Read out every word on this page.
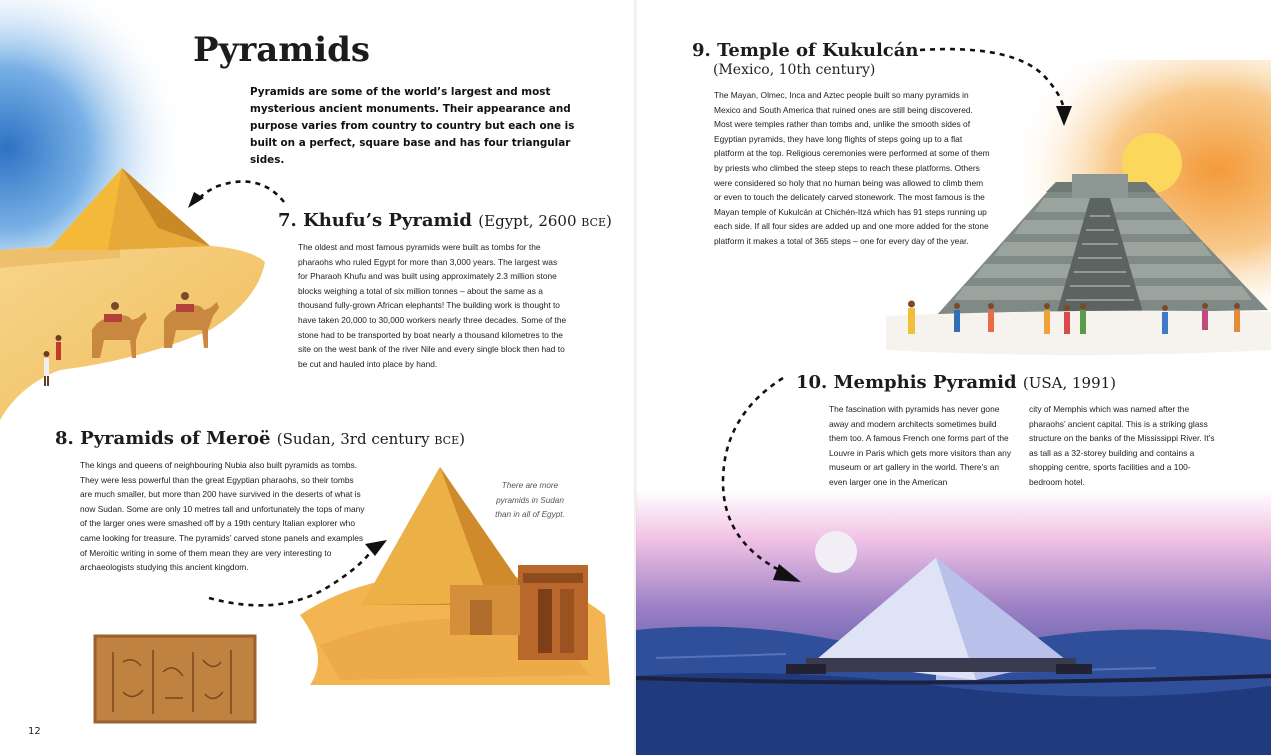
Pyramids

Pyramids are some of the world’s largest and most mysterious ancient monuments. Their appearance and purpose varies from country to country but each one is built on a perfect, square base and has four triangular sides.

7. Khufu’s Pyramid (Egypt, 2600 BCE)

The oldest and most famous pyramids were built as tombs for the pharaohs who ruled Egypt for more than 3,000 years. The largest was for Pharaoh Khufu and was built using approximately 2.3 million stone blocks weighing a total of six million tonnes – about the same as a thousand fully-grown African elephants! The building work is thought to have taken 20,000 to 30,000 workers nearly three decades. Some of the stone had to be transported by boat nearly a thousand kilometres to the site on the west bank of the river Nile and every single block then had to be cut and hauled into place by hand.

8. Pyramids of Meroë (Sudan, 3rd century BCE)

The kings and queens of neighbouring Nubia also built pyramids as tombs. They were less powerful than the great Egyptian pharaohs, so their tombs are much smaller, but more than 200 have survived in the deserts of what is now Sudan. Some are only 10 metres tall and unfortunately the tops of many of the larger ones were smashed off by a 19th century Italian explorer who came looking for treasure. The pyramids’ carved stone panels and examples of Meroitic writing in some of them mean they are very interesting to archaeologists studying this ancient kingdom.

There are more pyramids in Sudan than in all of Egypt.

12

9. Temple of Kukulcán

(Mexico, 10th century)

The Mayan, Olmec, Inca and Aztec people built so many pyramids in Mexico and South America that ruined ones are still being discovered. Most were temples rather than tombs and, unlike the smooth sides of Egyptian pyramids, they have long flights of steps going up to a flat platform at the top. Religious ceremonies were performed at some of them by priests who climbed the steep steps to reach these platforms. Others were considered so holy that no human being was allowed to climb them or even to touch the delicately carved stonework. The most famous is the Mayan temple of Kukulcán at Chichén-Itzá which has 91 steps running up each side. If all four sides are added up and one more added for the stone platform it makes a total of 365 steps – one for every day of the year.

10. Memphis Pyramid (USA, 1991)

The fascination with pyramids has never gone away and modern architects sometimes build them too. A famous French one forms part of the Louvre in Paris which gets more visitors than any museum or art gallery in the world. There’s an even larger one in the American

city of Memphis which was named after the pharaohs’ ancient capital. This is a striking glass structure on the banks of the Mississippi River. It’s as tall as a 32-storey building and contains a shopping centre, sports facilities and a 100-bedroom hotel.
